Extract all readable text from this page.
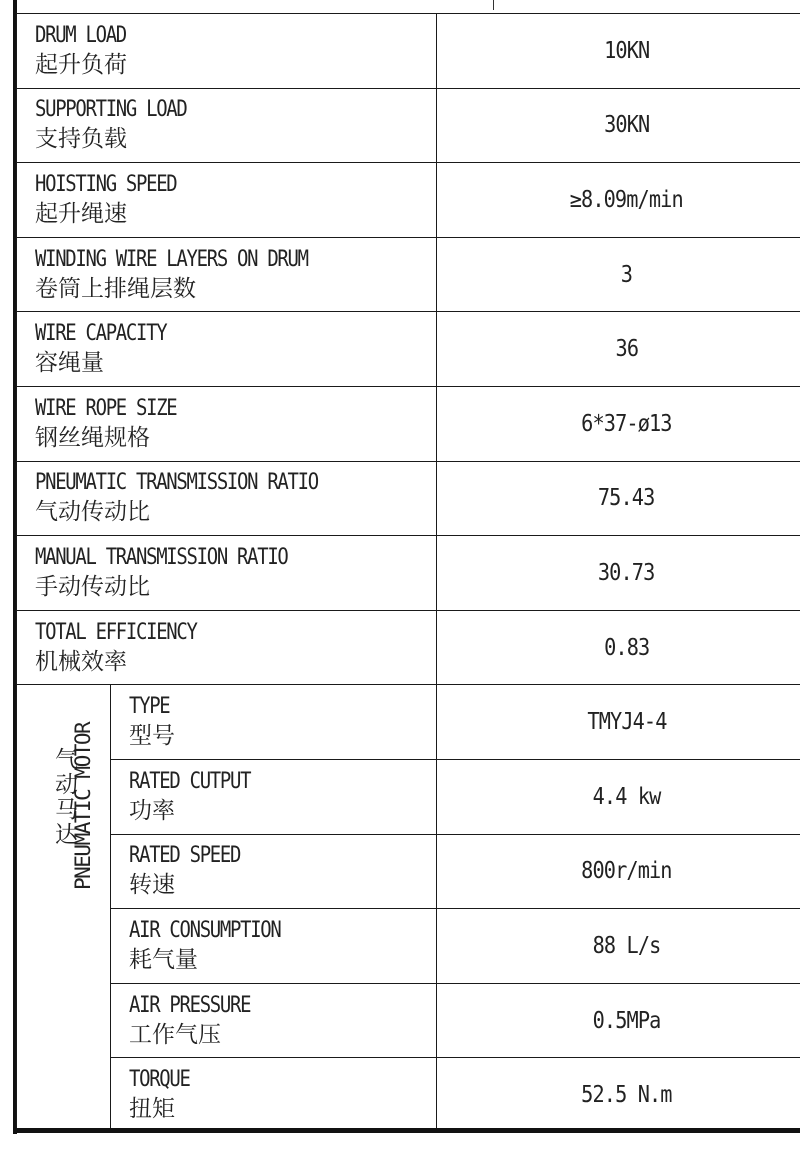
DRUM LOAD
起升负荷		10KN

SUPPORTING LOAD
支持负载		30KN

HOISTING SPEED
起升绳速		≥8.09m/min

WINDING WIRE LAYERS ON DRUM
卷筒上排绳层数		3

WIRE CAPACITY
容绳量		36

WIRE ROPE SIZE
钢丝绳规格		6*37-ø13

PNEUMATIC TRANSMISSION RATIO
气动传动比		75.43

MANUAL TRANSMISSION RATIO
手动传动比		30.73

TOTAL EFFICIENCY
机械效率		0.83

气动马达
PNEUMATIC MOTOR	TYPE
型号	TMYJ4-4

	RATED CUTPUT
功率	4.4 kw

	RATED SPEED
转速	800r/min

	AIR CONSUMPTION
耗气量	88 L/s

	AIR PRESSURE
工作气压	0.5MPa

	TORQUE
扭矩	52.5 N.m
